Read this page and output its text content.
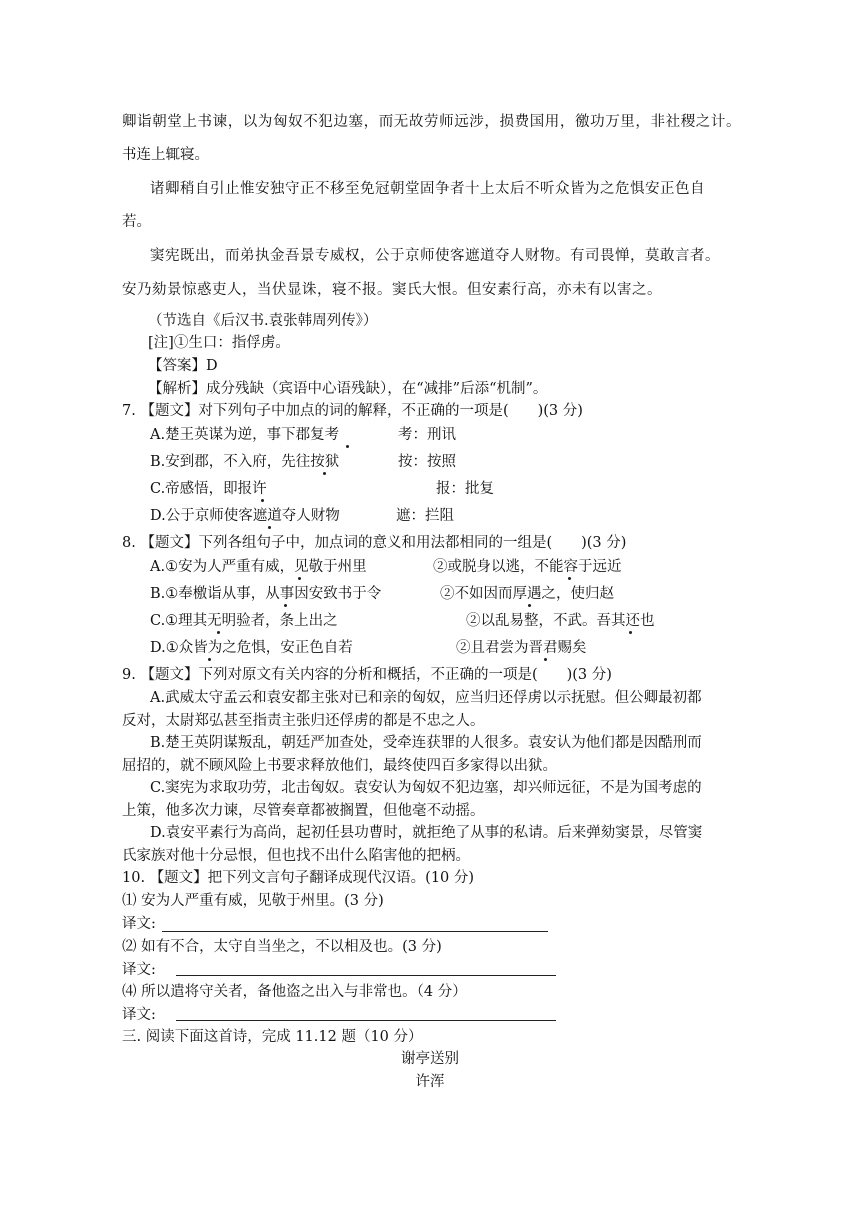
卿诣朝堂上书谏，以为匈奴不犯边塞，而无故劳师远涉，损费国用，徼功万里，非社稷之计。
书连上辄寝。
诸卿稍自引止惟安独守正不移至免冠朝堂固争者十上太后不听众皆为之危惧安正色自
若。
窦宪既出，而弟执金吾景专威权，公于京师使客遮道夺人财物。有司畏惮，莫敢言者。
安乃劾景惊惑吏人，当伏显诛，寝不报。窦氏大恨。但安素行高，亦未有以害之。
（节选自《后汉书.袁张韩周列传》）
[注]①生口：指俘虏。
【答案】D
【解析】成分残缺（宾语中心语残缺），在“减排”后添“机制”。
7. 【题文】对下列句子中加点的词的解释，不正确的一项是(　　)(3 分)
A.楚王英谋为逆，事下郡复考	考：刑讯
B.安到郡，不入府，先往按狱	按：按照
C.帝感悟，即报许	报：批复
D.公于京师使客遮道夺人财物	遮：拦阻
8. 【题文】下列各组句子中，加点词的意义和用法都相同的一组是(　　)(3 分)
A.①安为人严重有威，见敬于州里	②或脱身以逃，不能容于远近
B.①奉檄诣从事，从事因安致书于令	②不如因而厚遇之，使归赵
C.①理其无明验者，条上出之	②以乱易整，不武。吾其还也
D.①众皆为之危惧，安正色自若	②且君尝为晋君赐矣
9. 【题文】下列对原文有关内容的分析和概括，不正确的一项是(　　)(3 分)
A.武威太守孟云和袁安都主张对已和亲的匈奴，应当归还俘虏以示抚慰。但公卿最初都
反对，太尉郑弘甚至指责主张归还俘虏的都是不忠之人。
B.楚王英阴谋叛乱，朝廷严加查处，受牵连获罪的人很多。袁安认为他们都是因酷刑而
屈招的，就不顾风险上书要求释放他们，最终使四百多家得以出狱。
C.窦宪为求取功劳，北击匈奴。袁安认为匈奴不犯边塞，却兴师远征，不是为国考虑的
上策，他多次力谏，尽管奏章都被搁置，但他毫不动摇。
D.袁安平素行为高尚，起初任县功曹时，就拒绝了从事的私请。后来弹劾窦景，尽管窦
氏家族对他十分忌恨，但也找不出什么陷害他的把柄。
10. 【题文】把下列文言句子翻译成现代汉语。(10 分)
⑴ 安为人严重有威，见敬于州里。(3 分)
译文:
⑵ 如有不合，太守自当坐之，不以相及也。(3 分)
译文:
⑷ 所以遣将守关者，备他盗之出入与非常也。（4 分）
译文:
三. 阅读下面这首诗，完成 11.12 题（10 分）
谢亭送别
许浑
